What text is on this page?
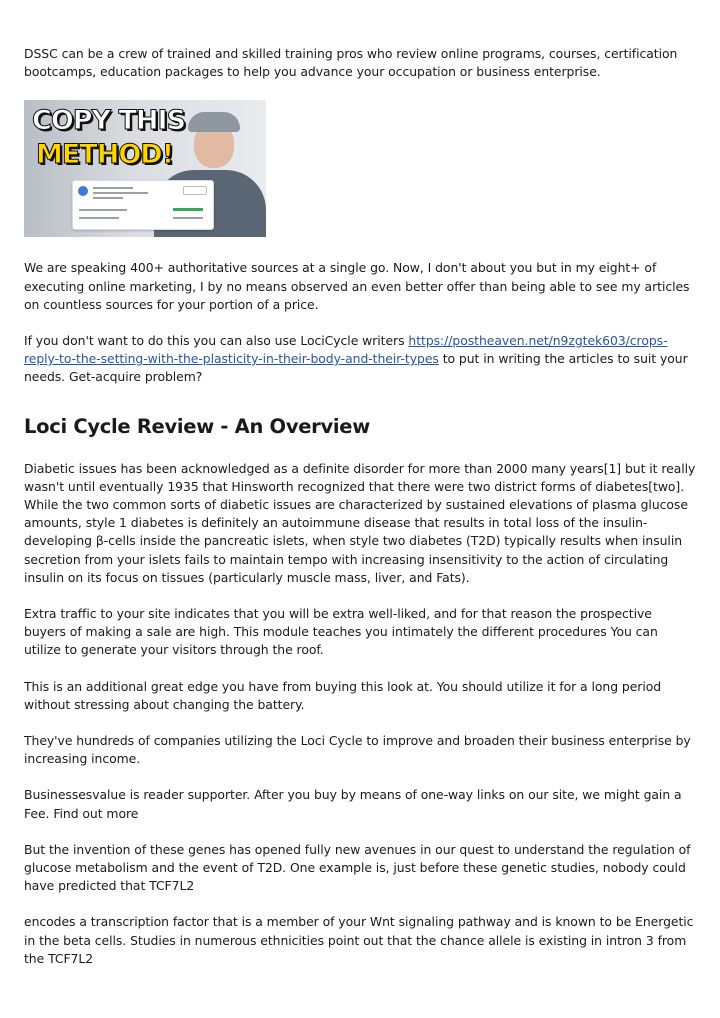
DSSC can be a crew of trained and skilled training pros who review online programs, courses, certification bootcamps, education packages to help you advance your occupation or business enterprise.

COPY THIS
METHOD!

We are speaking 400+ authoritative sources at a single go. Now, I don't about you but in my eight+ of executing online marketing, I by no means observed an even better offer than being able to see my articles on countless sources for your portion of a price.

If you don't want to do this you can also use LociCycle writers https://postheaven.net/n9zgtek603/crops-reply-to-the-setting-with-the-plasticity-in-their-body-and-their-types to put in writing the articles to suit your needs. Get-acquire problem?

Loci Cycle Review - An Overview

Diabetic issues has been acknowledged as a definite disorder for more than 2000 many years[1] but it really wasn't until eventually 1935 that Hinsworth recognized that there were two district forms of diabetes[two]. While the two common sorts of diabetic issues are characterized by sustained elevations of plasma glucose amounts, style 1 diabetes is definitely an autoimmune disease that results in total loss of the insulin-developing β-cells inside the pancreatic islets, when style two diabetes (T2D) typically results when insulin secretion from your islets fails to maintain tempo with increasing insensitivity to the action of circulating insulin on its focus on tissues (particularly muscle mass, liver, and Fats).

Extra traffic to your site indicates that you will be extra well-liked, and for that reason the prospective buyers of making a sale are high. This module teaches you intimately the different procedures You can utilize to generate your visitors through the roof.

This is an additional great edge you have from buying this look at. You should utilize it for a long period without stressing about changing the battery.

They've hundreds of companies utilizing the Loci Cycle to improve and broaden their business enterprise by increasing income.

Businessesvalue is reader supporter. After you buy by means of one-way links on our site, we might gain a Fee. Find out more

But the invention of these genes has opened fully new avenues in our quest to understand the regulation of glucose metabolism and the event of T2D. One example is, just before these genetic studies, nobody could have predicted that TCF7L2

encodes a transcription factor that is a member of your Wnt signaling pathway and is known to be Energetic in the beta cells. Studies in numerous ethnicities point out that the chance allele is existing in intron 3 from the TCF7L2
